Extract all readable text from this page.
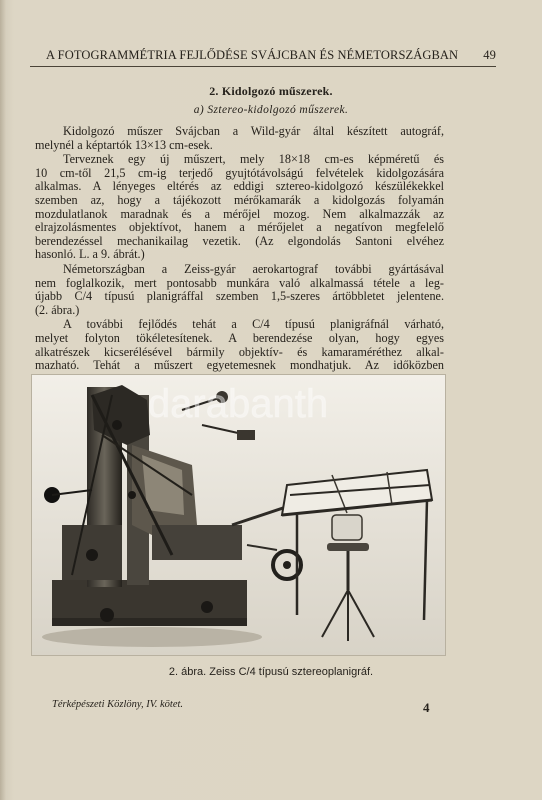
A FOTOGRAMMÉTRIA FEJLŐDÉSE SVÁJCBAN ÉS NÉMETORSZÁGBAN 49
2. Kidolgozó műszerek.
a) Sztereo-kidolgozó műszerek.

Kidolgozó műszer Svájcban a Wild-gyár által készített autográf,
melynél a képtartók 13×13 cm-esek.

Terveznek egy új műszert, mely 18×18 cm-es képméretű és
10 cm-től 21,5 cm-ig terjedő gyujtótávolságú felvételek kidolgozására
alkalmas. A lényeges eltérés az eddigi sztereo-kidolgozó készülékekkel
szemben az, hogy a tájékozott mérőkamarák a kidolgozás folyamán
mozdulatlanok maradnak és a mérőjel mozog. Nem alkalmazzák az
elrajzolásmentes objektívot, hanem a mérőjelet a negatívon megfelelő
berendezéssel mechanikailag vezetik. (Az elgondolás Santoni elvéhez
hasonló. L. a 9. ábrát.)

Németországban a Zeiss-gyár aerokartograf további gyártásával
nem foglalkozik, mert pontosabb munkára való alkalmassá tétele a leg-
újabb C/4 típusú planigráffal szemben 1,5-szeres ártöbbletet jelentene.
(2. ábra.)

A további fejlődés tehát a C/4 típusú planigráfnál várható,
melyet folyton tökéletesítenek. A berendezése olyan, hogy egyes
alkatrészek kicserélésével bármily objektív- és kamaraméréthez alkal-
mazható. Tehát a műszert egyetemesnek mondhatjuk. Az időközben

darabanth
2. ábra. Zeiss C/4 típusú sztereoplanigráf.
Térképészeti Közlöny, IV. kötet.	4
